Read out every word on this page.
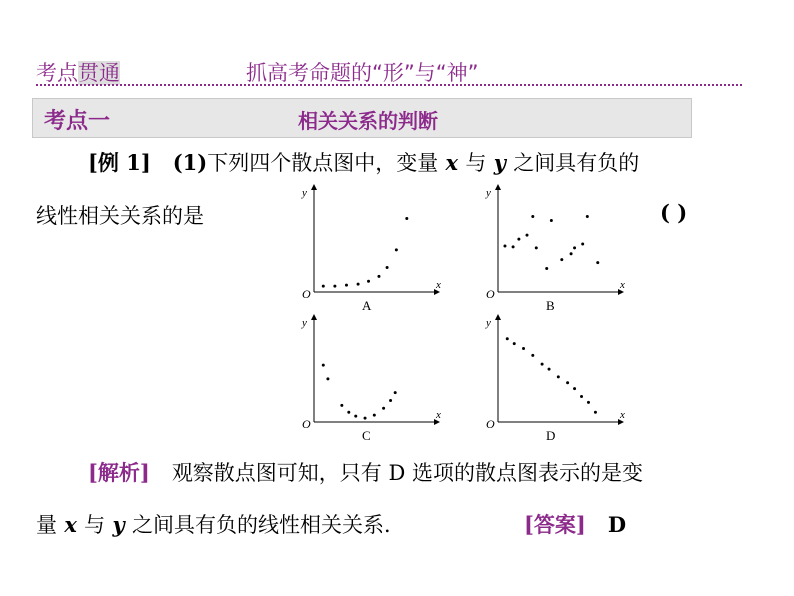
考点贯通	抓高考命题的“形”与“神”
考点一	相关关系的判断
[例 1] (1)下列四个散点图中，变量 x 与 y 之间具有负的
线性相关关系的是	( )
O
x
y
A
O
x
y
B
O
x
y
C
O
x
y
D
[解析] 观察散点图可知，只有 D 选项的散点图表示的是变
量 x 与 y 之间具有负的线性相关关系．	[答案] D
